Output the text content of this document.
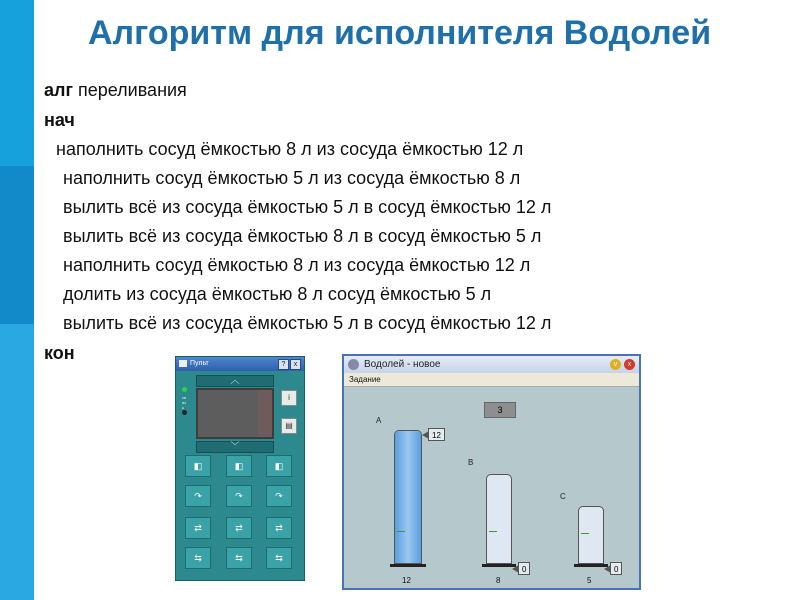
Алгоритм для исполнителя Водолей
алг переливания
нач
наполнить сосуд ёмкостью 8 л из сосуда ёмкостью 12 л
наполнить сосуд ёмкостью 5 л из сосуда ёмкостью 8 л
вылить всё из сосуда ёмкостью 5 л в сосуд ёмкостью 12 л
вылить всё из сосуда ёмкостью 8 л в сосуд ёмкостью 5 л
наполнить сосуд ёмкостью 8 л из сосуда ёмкостью 12 л
долить из сосуда ёмкостью 8 л сосуд ёмкостью 5 л
вылить всё из сосуда ёмкостью 5 л в сосуд ёмкостью 12 л
кон
Пульт	?	x
︿
﹀
связь
i
▤
◧	◧	◧
↷	↷	↷
⇄	⇄	⇄
⇆	⇆	⇆
Водолей - новое	v	x
Задание
3
A
12
12
B
0
8
C
0
5
